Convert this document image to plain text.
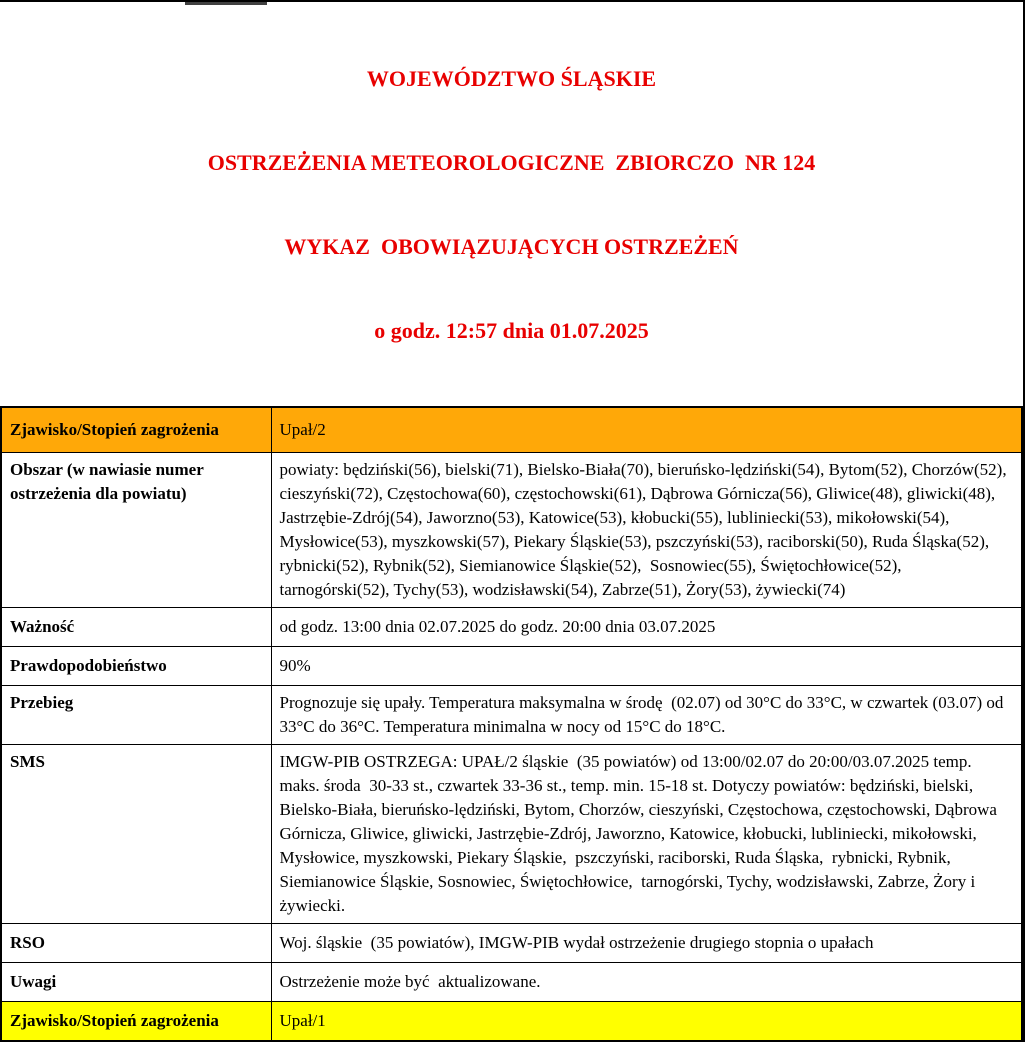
WOJEWÓDZTWO ŚLĄSKIE

OSTRZEŻENIA METEOROLOGICZNE  ZBIORCZO  NR 124

WYKAZ  OBOWIĄZUJĄCYCH OSTRZEŻEŃ

o godz. 12:57 dnia 01.07.2025

Zjawisko/Stopień zagrożenia	Upał/2
Obszar (w nawiasie numer ostrzeżenia dla powiatu)	powiaty: będziński(56), bielski(71), Bielsko-Biała(70), bieruńsko-lędziński(54), Bytom(52), Chorzów(52), cieszyński(72), Częstochowa(60), częstochowski(61), Dąbrowa Górnicza(56), Gliwice(48), gliwicki(48), Jastrzębie-Zdrój(54), Jaworzno(53), Katowice(53), kłobucki(55), lubliniecki(53), mikołowski(54), Mysłowice(53), myszkowski(57), Piekary Śląskie(53), pszczyński(53), raciborski(50), Ruda Śląska(52),  rybnicki(52), Rybnik(52), Siemianowice Śląskie(52),  Sosnowiec(55), Świętochłowice(52),  tarnogórski(52), Tychy(53), wodzisławski(54), Zabrze(51), Żory(53), żywiecki(74)
Ważność	od godz. 13:00 dnia 02.07.2025 do godz. 20:00 dnia 03.07.2025
Prawdopodobieństwo	90%
Przebieg	Prognozuje się upały. Temperatura maksymalna w środę  (02.07) od 30°C do 33°C, w czwartek (03.07) od 33°C do 36°C. Temperatura minimalna w nocy od 15°C do 18°C.
SMS	IMGW-PIB OSTRZEGA: UPAŁ/2 śląskie  (35 powiatów) od 13:00/02.07 do 20:00/03.07.2025 temp. maks. środa  30-33 st., czwartek 33-36 st., temp. min. 15-18 st. Dotyczy powiatów: będziński, bielski, Bielsko-Biała, bieruńsko-lędziński, Bytom, Chorzów, cieszyński, Częstochowa, częstochowski, Dąbrowa Górnicza, Gliwice, gliwicki, Jastrzębie-Zdrój, Jaworzno, Katowice, kłobucki, lubliniecki, mikołowski, Mysłowice, myszkowski, Piekary Śląskie,  pszczyński, raciborski, Ruda Śląska,  rybnicki, Rybnik, Siemianowice Śląskie, Sosnowiec, Świętochłowice,  tarnogórski, Tychy, wodzisławski, Zabrze, Żory i żywiecki.
RSO	Woj. śląskie  (35 powiatów), IMGW-PIB wydał ostrzeżenie drugiego stopnia o upałach
Uwagi	Ostrzeżenie może być  aktualizowane.
Zjawisko/Stopień zagrożenia	Upał/1
